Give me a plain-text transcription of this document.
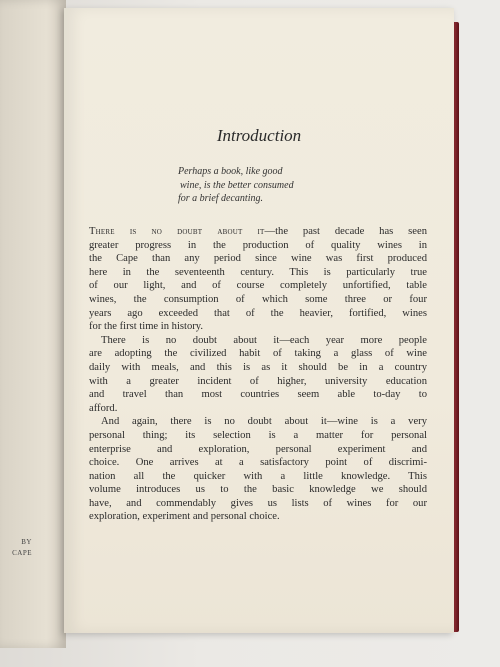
BY
CAPE
Introduction
Perhaps a book, like good
wine, is the better consumed
for a brief decanting.
There is no doubt about it—the past decade has seen
greater progress in the production of quality wines in
the Cape than any period since wine was first produced
here in the seventeenth century. This is particularly true
of our light, and of course completely unfortified, table
wines, the consumption of which some three or four
years ago exceeded that of the heavier, fortified, wines
for the first time in history.
There is no doubt about it—each year more people
are adopting the civilized habit of taking a glass of wine
daily with meals, and this is as it should be in a country
with a greater incident of higher, university education
and travel than most countries seem able to-day to
afford.
And again, there is no doubt about it—wine is a very
personal thing; its selection is a matter for personal
enterprise and exploration, personal experiment and
choice. One arrives at a satisfactory point of discrimi-
nation all the quicker with a little knowledge. This
volume introduces us to the basic knowledge we should
have, and commendably gives us lists of wines for our
exploration, experiment and personal choice.
